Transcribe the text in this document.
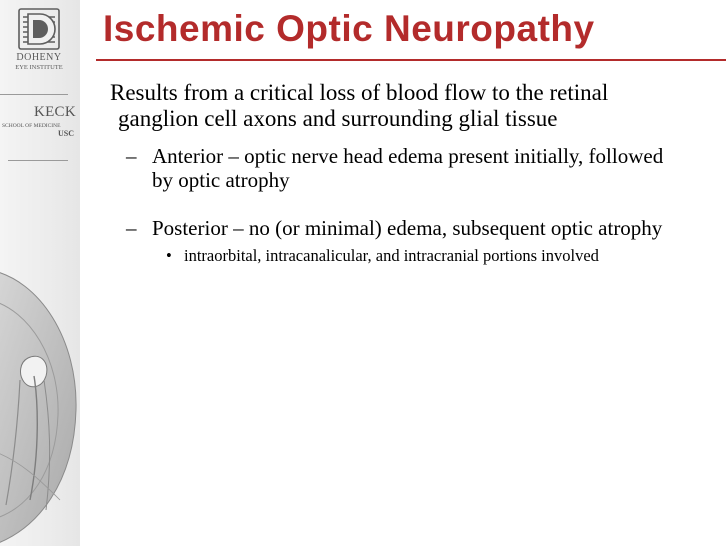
DOHENY
EYE INSTITUTE
KECK
SCHOOL OF MEDICINE
USC
Ischemic Optic Neuropathy

Results from a critical loss of blood flow to the retinal ganglion cell axons and surrounding glial tissue

– Anterior – optic nerve head edema present initially, followed by optic atrophy
– Posterior – no (or minimal) edema, subsequent optic atrophy
• intraorbital, intracanalicular, and intracranial portions involved
